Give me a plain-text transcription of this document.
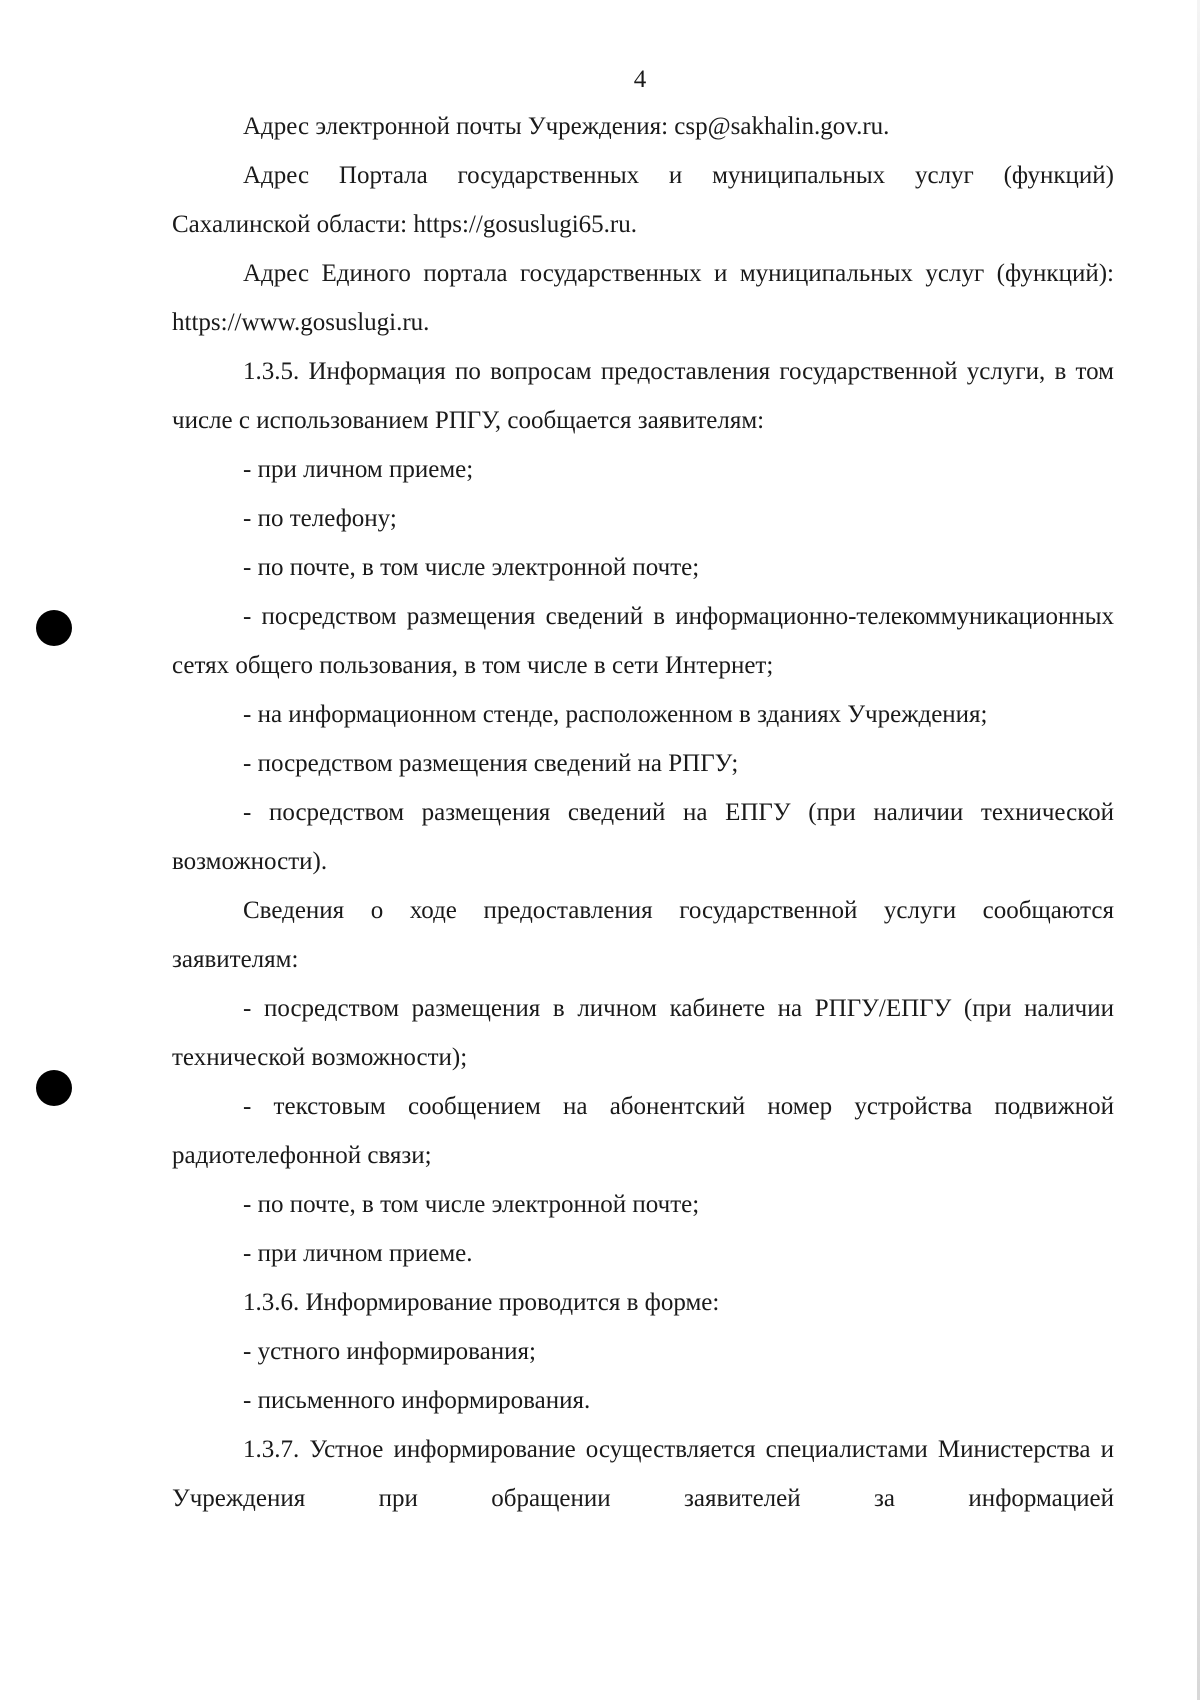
4

Адрес электронной почты Учреждения: csp@sakhalin.gov.ru.

Адрес Портала государственных и муниципальных услуг (функций) Сахалинской области: https://gosuslugi65.ru.

Адрес Единого портала государственных и муниципальных услуг (функций): https://www.gosuslugi.ru.

1.3.5. Информация по вопросам предоставления государственной услуги, в том числе с использованием РПГУ, сообщается заявителям:

- при личном приеме;

- по телефону;

- по почте, в том числе электронной почте;

- посредством размещения сведений в информационно-телекоммуникационных сетях общего пользования, в том числе в сети Интернет;

- на информационном стенде, расположенном в зданиях Учреждения;

- посредством размещения сведений на РПГУ;

- посредством размещения сведений на ЕПГУ (при наличии технической возможности).

Сведения о ходе предоставления государственной услуги сообщаются заявителям:

- посредством размещения в личном кабинете на РПГУ/ЕПГУ (при наличии технической возможности);

- текстовым сообщением на абонентский номер устройства подвижной радиотелефонной связи;

- по почте, в том числе электронной почте;

- при личном приеме.

1.3.6. Информирование проводится в форме:

- устного информирования;

- письменного информирования.

1.3.7. Устное информирование осуществляется специалистами Министерства и Учреждения при обращении заявителей за информацией
